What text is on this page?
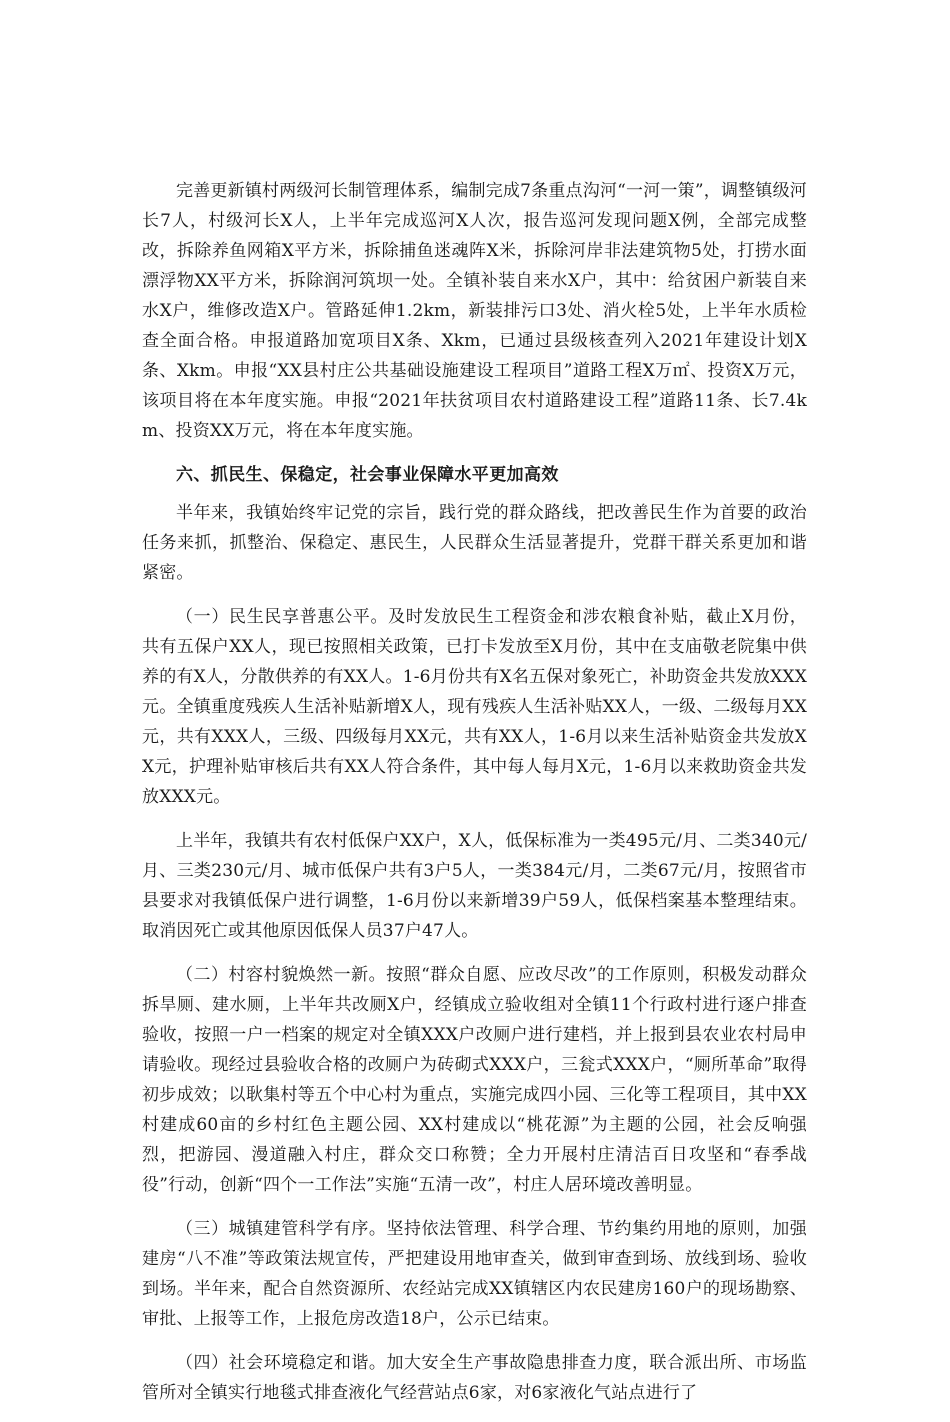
完善更新镇村两级河长制管理体系，编制完成7条重点沟河“一河一策”，调整镇级河长7人，村级河长X人，上半年完成巡河X人次，报告巡河发现问题X例，全部完成整改，拆除养鱼网箱X平方米，拆除捕鱼迷魂阵X米，拆除河岸非法建筑物5处，打捞水面漂浮物XX平方米，拆除润河筑坝一处。全镇补装自来水X户，其中：给贫困户新装自来水X户，维修改造X户。管路延伸1.2km，新装排污口3处、消火栓5处，上半年水质检查全面合格。申报道路加宽项目X条、Xkm，已通过县级核查列入2021年建设计划X条、Xkm。申报“XX县村庄公共基础设施建设工程项目”道路工程X万㎡、投资X万元，该项目将在本年度实施。申报“2021年扶贫项目农村道路建设工程”道路11条、长7.4km、投资XX万元，将在本年度实施。

六、抓民生、保稳定，社会事业保障水平更加高效

半年来，我镇始终牢记党的宗旨，践行党的群众路线，把改善民生作为首要的政治任务来抓，抓整治、保稳定、惠民生，人民群众生活显著提升，党群干群关系更加和谐紧密。

（一）民生民享普惠公平。及时发放民生工程资金和涉农粮食补贴，截止X月份，共有五保户XX人，现已按照相关政策，已打卡发放至X月份，其中在支庙敬老院集中供养的有X人，分散供养的有XX人。1-6月份共有X名五保对象死亡，补助资金共发放XXX元。全镇重度残疾人生活补贴新增X人，现有残疾人生活补贴XX人，一级、二级每月XX元，共有XXX人，三级、四级每月XX元，共有XX人，1-6月以来生活补贴资金共发放XX元，护理补贴审核后共有XX人符合条件，其中每人每月X元，1-6月以来救助资金共发放XXX元。

上半年，我镇共有农村低保户XX户，X人，低保标准为一类495元/月、二类340元/月、三类230元/月、城市低保户共有3户5人，一类384元/月，二类67元/月，按照省市县要求对我镇低保户进行调整，1-6月份以来新增39户59人，低保档案基本整理结束。取消因死亡或其他原因低保人员37户47人。

（二）村容村貌焕然一新。按照“群众自愿、应改尽改”的工作原则，积极发动群众拆旱厕、建水厕，上半年共改厕X户，经镇成立验收组对全镇11个行政村进行逐户排查验收，按照一户一档案的规定对全镇XXX户改厕户进行建档，并上报到县农业农村局申请验收。现经过县验收合格的改厕户为砖砌式XXX户，三瓮式XXX户，“厕所革命”取得初步成效；以耿集村等五个中心村为重点，实施完成四小园、三化等工程项目，其中XX村建成60亩的乡村红色主题公园、XX村建成以“桃花源”为主题的公园，社会反响强烈，把游园、漫道融入村庄，群众交口称赞；全力开展村庄清洁百日攻坚和“春季战役”行动，创新“四个一工作法”实施“五清一改”，村庄人居环境改善明显。

（三）城镇建管科学有序。坚持依法管理、科学合理、节约集约用地的原则，加强建房“八不准”等政策法规宣传，严把建设用地审查关，做到审查到场、放线到场、验收到场。半年来，配合自然资源所、农经站完成XX镇辖区内农民建房160户的现场勘察、审批、上报等工作，上报危房改造18户，公示已结束。

（四）社会环境稳定和谐。加大安全生产事故隐患排查力度，联合派出所、市场监管所对全镇实行地毯式排查液化气经营站点6家，对6家液化气站点进行了
